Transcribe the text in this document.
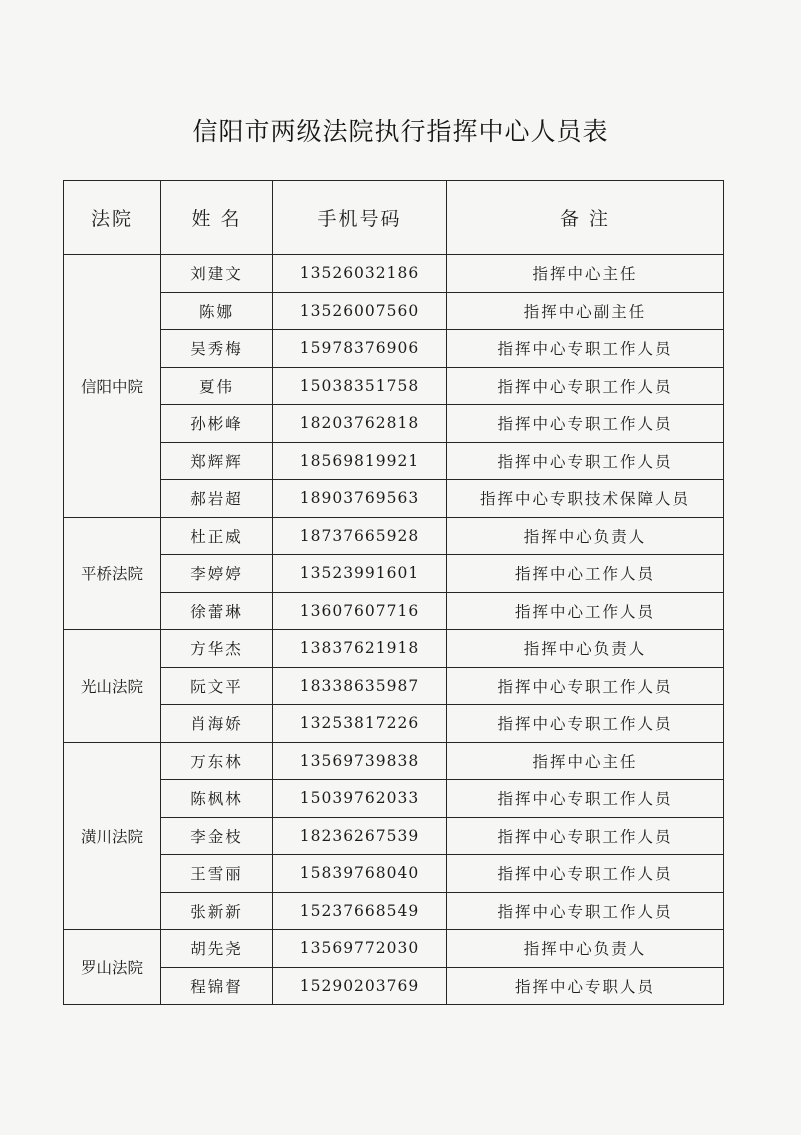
信阳市两级法院执行指挥中心人员表
法院	姓 名	手机号码	备 注
信阳中院	刘建文	13526032186	指挥中心主任
	陈娜	13526007560	指挥中心副主任
	吴秀梅	15978376906	指挥中心专职工作人员
	夏伟	15038351758	指挥中心专职工作人员
	孙彬峰	18203762818	指挥中心专职工作人员
	郑辉辉	18569819921	指挥中心专职工作人员
	郝岩超	18903769563	指挥中心专职技术保障人员
平桥法院	杜正威	18737665928	指挥中心负责人
	李婷婷	13523991601	指挥中心工作人员
	徐蕾琳	13607607716	指挥中心工作人员
光山法院	方华杰	13837621918	指挥中心负责人
	阮文平	18338635987	指挥中心专职工作人员
	肖海娇	13253817226	指挥中心专职工作人员
潢川法院	万东林	13569739838	指挥中心主任
	陈枫林	15039762033	指挥中心专职工作人员
	李金枝	18236267539	指挥中心专职工作人员
	王雪丽	15839768040	指挥中心专职工作人员
	张新新	15237668549	指挥中心专职工作人员
罗山法院	胡先尧	13569772030	指挥中心负责人
	程锦督	15290203769	指挥中心专职人员
